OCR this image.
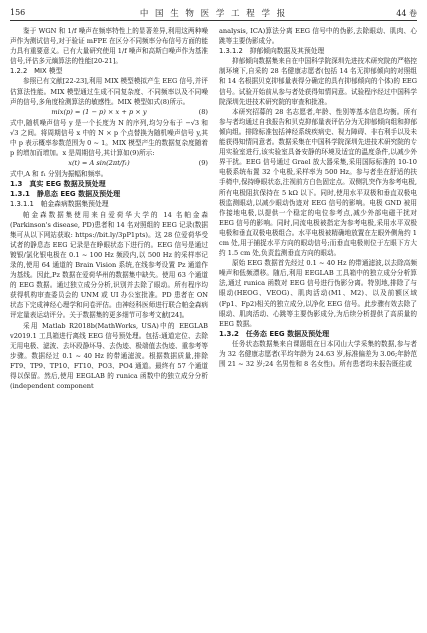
156	中 国 生 物 医 学 工 程 学 报	44 卷

鉴于 WGN 和 1/f 噪声在频率特性上的显著差异,利用这两种噪声作为测试信号,对于验证 mFPE 在区分不同频率分布信号方面的能力具有重要意义。已有大量研究使用 1/f 噪声和高斯白噪声作为基准信号,评估多元熵算法的性能[20-21]。

1.2.2　MIX 模型

参照已有文献[22-23],利用 MIX 模型模拟产生 EEG 信号,并评估算法性能。MIX 模型通过生成不同复杂度、不同频率以及不同噪声的信号,多角度检测算法的敏感性。MIX 模型如式(8)所示。

mix(p) = (1 − p) × x + p × y	(8)

式中,随机噪声信号 y 是一个长度为 N 的序列,均匀分布于 −√3 和 √3 之间。将周期信号 x 中的 N × p 个点替换为随机噪声信号 y,其中 p 表示概率参数范围为 0 ~ 1。MIX 模型产生的数据复杂度随着 p 的增加而增加。x 是周期信号,其计算如(9)所示:

x(t) = A sin(2πt/f₁)	(9)

式中,A 和 f₁ 分别为振幅和频率。

1.3　真实 EEG 数据及预处理

1.3.1　静息态 EEG 数据及预处理

1.3.1.1　帕金森病数据集预处理

帕金森数据集使用来自爱荷华大学的 14 名帕金森(Parkinson's disease, PD)患者和 14 名对照组的 EEG 记录(数据集可从以下网站获取: https://bit.ly/3pP1pts)。这 28 位爱荷华受试者的静息态 EEG 记录是在睁眼状态下进行的。EEG 信号是通过镀银/氯化银电极在 0.1 ~ 100 Hz 频段内,以 500 Hz 的采样率记录的,使用 64 通道的 Brain Vision 系统,在线参考设置 Pz 通道作为基线。因此,Pz 数据在爱荷华州的数据集中缺失。使用 63 个通道的 EEG 数据。通过独立成分分析,识别并去除了眼动。所有程序均获得机构审查委员会的 UNM 或 UI 办公室批准。PD 患者在 ON 状态下完成神经心理学和问卷评估。由神经科医师进行联合帕金森病评定量表运动评分。关于数据集的更多细节可参考文献[24]。

采用 Matlab R2018b(MathWorks, USA)中的 EEGLAB v2019.1 工具箱进行离线 EEG 信号预处理。包括:通道定位、去除无用电极、滤波、去坏段静坏导、去伪迹、极端值去伪迹、重参考等步骤。数据经过 0.1 ~ 40 Hz 的带通滤波。根据数据质量,排除 FT9、TP9、TP10、FT10、PO3、PO4 通道。最终有 57 个通道得以保留。然后,使用 EEGLAB 的 runica 函数中的独立成分分析(independent component

analysis, ICA)算法分离 EEG 信号中的伪影,去除眼动、肌肉、心跳等主要伪影成分。

1.3.1.2　抑郁倾向数据及其预处理

抑郁倾向数据集来自在中国科学院深圳先进技术研究院的严格控制环境下,自采的 28 名健康志愿者(包括 14 名无抑郁倾向的对照组和 14 名根据贝克抑郁量表得分确定的具有抑郁倾向的个体)的 EEG 信号。试验开始前从参与者处获得知情同意。试验程序经过中国科学院深圳先进技术研究院的审查和批准。

本研究招募的 28 名志愿者,年龄、性别等基本信息均衡。所有参与者均通过自我报告和贝克抑郁量表评估分为无抑郁倾向组和抑郁倾向组。排除标准包括神经系统疾病史、视力障碍、非右利手以及未能获得知情同意者。数据采集在中国科学院深圳先进技术研究院的专用实验室进行,该实验室具备安静的环境及适宜的温度条件,以减少外界干扰。EEG 信号通过 Grael 放大器采集,采用国际标准的 10-10 电极系统布置 32 个电极,采样率为 500 Hz。参与者坐在舒适的扶手椅中,保持睁眼状态,注视前方白色固定点。双侧乳突作为参考电极,所有电极阻抗保持在 5 kΩ 以下。同时,使用水平双极和垂直双极电极监测眼动,以减少眼动伪迹对 EEG 信号的影响。电极 GND 被用作接地电极,以提供一个稳定的电位参考点,减少外部电磁干扰对 EEG 信号的影响。同时,同流电极被指定为参考电极,采用水平双极电极和垂直双极电极组合。水平电极被精确地放置在左眼外侧角约 1 cm 处,用于捕捉水平方向的眼动信号;而垂直电极则位于左眼下方大约 1.5 cm 处,负责监测垂直方向的眼动。

原始 EEG 数据首先经过 0.1 ~ 40 Hz 的带通滤波,以去除高频噪声和低频漂移。随后,利用 EEGLAB 工具箱中的独立成分分析算法,通过 runica 函数对 EEG 信号进行伪影分离。特别地,排除了与眼动(HEOG、VEOG)、肌肉活动(M1、M2)、以及前额区域(Fp1、Fp2)相关的独立成分,以净化 EEG 信号。此步骤有效去除了眼动、肌肉活动、心跳等主要伪影成分,为后续分析提供了高质量的 EEG 数据。

1.3.2　任务态 EEG 数据及预处理

任务状态数据集来自课题组在日本冈山大学采集的数据,参与者为 32 名健康志愿者(平均年龄为 24.63 岁,标准偏差为 3.06;年龄范围 21 ~ 32 岁;24 名男性和 8 名女性)。所有患者均未报告既往或
